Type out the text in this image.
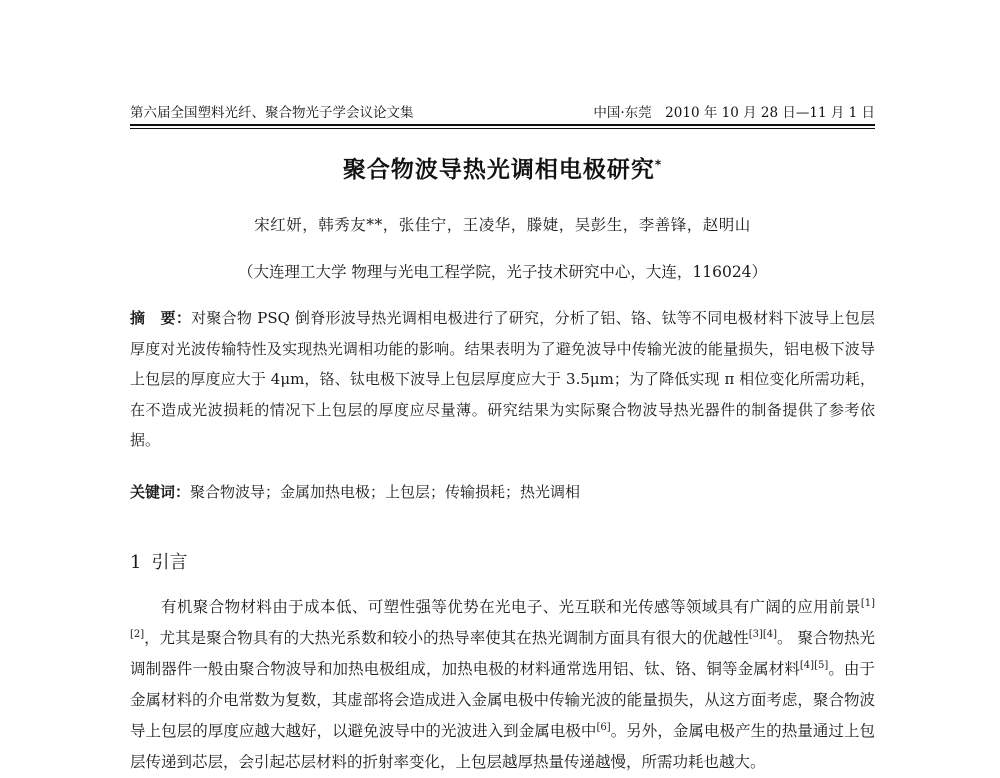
第六届全国塑料光纤、聚合物光子学会议论文集	中国·东莞　2010 年 10 月 28 日—11 月 1 日
聚合物波导热光调相电极研究*
宋红妍，韩秀友**，张佳宁，王凌华，滕婕，吴彭生，李善锋，赵明山
（大连理工大学 物理与光电工程学院，光子技术研究中心，大连，116024）
摘　要：对聚合物 PSQ 倒脊形波导热光调相电极进行了研究，分析了铝、铬、钛等不同电极材料下波导上包层厚度对光波传输特性及实现热光调相功能的影响。结果表明为了避免波导中传输光波的能量损失，铝电极下波导上包层的厚度应大于 4μm，铬、钛电极下波导上包层厚度应大于 3.5μm；为了降低实现 π 相位变化所需功耗，在不造成光波损耗的情况下上包层的厚度应尽量薄。研究结果为实际聚合物波导热光器件的制备提供了参考依据。
关键词：聚合物波导；金属加热电极；上包层；传输损耗；热光调相
1 引言
有机聚合物材料由于成本低、可塑性强等优势在光电子、光互联和光传感等领域具有广阔的应用前景[1][2]，尤其是聚合物具有的大热光系数和较小的热导率使其在热光调制方面具有很大的优越性[3][4]。 聚合物热光调制器件一般由聚合物波导和加热电极组成，加热电极的材料通常选用铝、钛、铬、铜等金属材料[4][5]。由于金属材料的介电常数为复数，其虚部将会造成进入金属电极中传输光波的能量损失，从这方面考虑，聚合物波导上包层的厚度应越大越好，以避免波导中的光波进入到金属电极中[6]。另外，金属电极产生的热量通过上包层传递到芯层，会引起芯层材料的折射率变化，上包层越厚热量传递越慢，所需功耗也越大。
